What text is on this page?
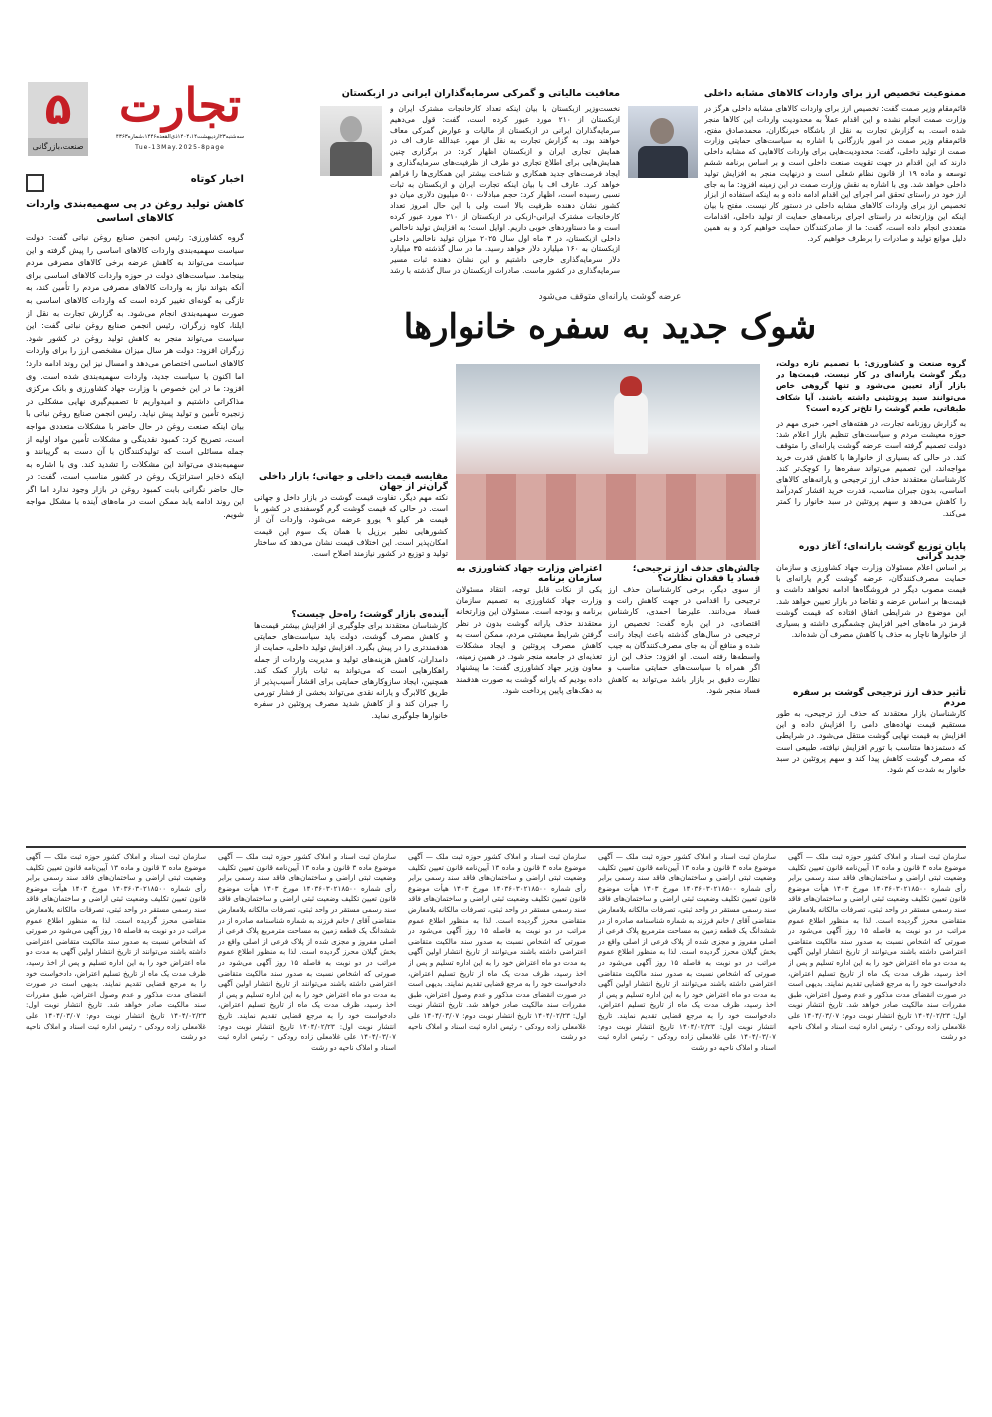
۵
صنعت،بازرگانی
تجارت
سه‌شنبه۲۳اردیبهشت۱۴۰۴،۱۴ذی‌القعده۱۴۴۶،شماره۴۳۶۳
Tue-13May.2025-8page
معافیت مالیاتی و گمرکی سرمایه‌گذاران ایرانی در ازبکستان
نخست‌وزیر ازبکستان با بیان اینکه تعداد کارخانجات مشترک ایران و ازبکستان از ۲۱۰ مورد عبور کرده است، گفت: قول می‌دهیم سرمایه‌گذاران ایرانی در ازبکستان از مالیات و عوارض گمرکی معاف خواهند بود. به گزارش تجارت به نقل از مهر، عبدالله عارف اف در همایش تجاری ایران و ازبکستان اظهار کرد: در برگزاری چنین همایش‌هایی برای اطلاع تجاری دو طرف از ظرفیت‌های سرمایه‌گذاری و ایجاد فرصت‌های جدید همکاری و شناخت بیشتر این همکاری‌ها را فراهم خواهد کرد. عارف اف با بیان اینکه تجارت ایران و ازبکستان به ثبات نسبی رسیده است، اظهار کرد: حجم مبادلات ۵۰۰ میلیون دلاری میان دو کشور نشان دهنده ظرفیت بالا است ولی با این حال امروز تعداد کارخانجات مشترک ایرانی-ازبکی در ازبکستان از ۲۱۰ مورد عبور کرده است و ما دستاوردهای خوبی داریم. اوایل است؛ به افزایش تولید ناخالص داخلی ازبکستان، در ۳ ماه اول سال ۲۰۲۵ میزان تولید ناخالص داخلی ازبکستان به ۱۶۰ میلیارد دلار خواهد رسید. ما در سال گذشته ۳۵ میلیارد دلار سرمایه‌گذاری خارجی داشتیم و این نشان دهنده ثبات مسیر سرمایه‌گذاری در کشور ماست. صادرات ازبکستان در سال گذشته با رشد
ممنوعیت تخصیص ارز برای واردات کالاهای مشابه داخلی
قائم‌مقام وزیر صمت گفت: تخصیص ارز برای واردات کالاهای مشابه داخلی هرگز در وزارت صمت انجام نشده و این اقدام عملاً به محدودیت واردات این کالاها منجر شده است. به گزارش تجارت به نقل از باشگاه خبرنگاران، محمدصادق مفتح، قائم‌مقام وزیر صمت در امور بازرگانی با اشاره به سیاست‌های حمایتی وزارت صمت از تولید داخلی، گفت: محدودیت‌هایی برای واردات کالاهایی که مشابه داخلی دارند که این اقدام در جهت تقویت صنعت داخلی است و بر اساس برنامه ششم توسعه و ماده ۱۹ از قانون نظام شغلی است و درنهایت منجر به افزایش تولید داخلی خواهد شد. وی با اشاره به نقش وزارت صمت در این زمینه افزود: ما به جای ارز خود در راستای تحقق امر اجرای این اقدام ادامه داده و به اینکه استفاده از ابزار تخصیص ارز برای واردات کالاهای مشابه داخلی در دستور کار نیست. مفتح با بیان اینکه این وزارتخانه در راستای اجرای برنامه‌های حمایت از تولید داخلی، اقدامات متعددی انجام داده است، گفت: ما از صادرکنندگان حمایت خواهیم کرد و به همین دلیل موانع تولید و صادرات را برطرف خواهیم کرد.
اخبار کوتاه
کاهش تولید روغن در پی سهمیه‌بندی واردات کالاهای اساسی
گروه کشاورزی: رئیس انجمن صنایع روغن نباتی گفت: دولت سیاست سهمیه‌بندی واردات کالاهای اساسی را پیش گرفته و این سیاست می‌تواند به کاهش عرضه برخی کالاهای مصرفی مردم بینجامد. سیاست‌های دولت در حوزه واردات کالاهای اساسی برای آنکه بتواند نیاز به واردات کالاهای مصرفی مردم را تأمین کند، به تازگی به گونه‌ای تغییر کرده است که واردات کالاهای اساسی به صورت سهمیه‌بندی انجام می‌شود. به گزارش تجارت به نقل از ایلنا، کاوه زرگران، رئیس انجمن صنایع روغن نباتی گفت: این سیاست می‌تواند منجر به کاهش تولید روغن در کشور شود. زرگران افزود: دولت هر سال میزان مشخصی ارز را برای واردات کالاهای اساسی اختصاص می‌دهد و امسال نیز این روند ادامه دارد؛ اما اکنون با سیاست جدید، واردات سهمیه‌بندی شده است. وی افزود: ما در این خصوص با وزارت جهاد کشاورزی و بانک مرکزی مذاکراتی داشتیم و امیدواریم تا تصمیم‌گیری نهایی مشکلی در زنجیره تأمین و تولید پیش نیاید. رئیس انجمن صنایع روغن نباتی با بیان اینکه صنعت روغن در حال حاضر با مشکلات متعددی مواجه است، تصریح کرد: کمبود نقدینگی و مشکلات تأمین مواد اولیه از جمله مسائلی است که تولیدکنندگان با آن دست به گریبانند و سهمیه‌بندی می‌تواند این مشکلات را تشدید کند. وی با اشاره به اینکه ذخایر استراتژیک روغن در کشور مناسب است، گفت: در حال حاضر نگرانی بابت کمبود روغن در بازار وجود ندارد اما اگر این روند ادامه یابد ممکن است در ماه‌های آینده با مشکل مواجه شویم.
عرضه گوشت یارانه‌ای متوقف می‌شود
شوک جدید به سفره خانوارها
گروه صنعت و کشاورزی: با تصمیم تازه دولت، دیگر گوشت یارانه‌ای در کار نیست. قیمت‌ها در بازار آزاد تعیین می‌شود و تنها گروهی خاص می‌توانند سبد پروتئینی داشته باشند. آیا شکاف طبقاتی، طعم گوشت را تلخ‌تر کرده است؟
به گزارش روزنامه تجارت، در هفته‌های اخیر، خبری مهم در حوزه معیشت مردم و سیاست‌های تنظیم بازار اعلام شد: دولت تصمیم گرفته است عرضه گوشت یارانه‌ای را متوقف کند. در حالی که بسیاری از خانوارها با کاهش قدرت خرید مواجه‌اند، این تصمیم می‌تواند سفره‌ها را کوچک‌تر کند. کارشناسان معتقدند حذف ارز ترجیحی و یارانه‌های کالاهای اساسی، بدون جبران مناسب، قدرت خرید اقشار کم‌درآمد را کاهش می‌دهد و سهم پروتئین در سبد خانوار را کمتر می‌کند.
پایان توزیع گوشت یارانه‌ای؛ آغاز دوره جدید گرانی
بر اساس اعلام مسئولان وزارت جهاد کشاورزی و سازمان حمایت مصرف‌کنندگان، عرضه گوشت گرم یارانه‌ای با قیمت مصوب دیگر در فروشگاه‌ها ادامه نخواهد داشت و قیمت‌ها بر اساس عرضه و تقاضا در بازار تعیین خواهد شد. این موضوع در شرایطی اتفاق افتاده که قیمت گوشت قرمز در ماه‌های اخیر افزایش چشمگیری داشته و بسیاری از خانوارها ناچار به حذف یا کاهش مصرف آن شده‌اند.
تأثیر حذف ارز ترجیحی گوشت بر سفره مردم
کارشناسان بازار معتقدند که حذف ارز ترجیحی، به طور مستقیم قیمت نهاده‌های دامی را افزایش داده و این افزایش به قیمت نهایی گوشت منتقل می‌شود. در شرایطی که دستمزدها متناسب با تورم افزایش نیافته، طبیعی است که مصرف گوشت کاهش پیدا کند و سهم پروتئین در سبد خانوار به شدت کم شود.
چالش‌های حذف ارز ترجیحی؛ فساد یا فقدان نظارت؟
از سوی دیگر، برخی کارشناسان حذف ارز ترجیحی را اقدامی در جهت کاهش رانت و فساد می‌دانند. علیرضا احمدی، کارشناس اقتصادی، در این باره گفت: تخصیص ارز ترجیحی در سال‌های گذشته باعث ایجاد رانت شده و منافع آن به جای مصرف‌کنندگان به جیب واسطه‌ها رفته است. او افزود: حذف این ارز اگر همراه با سیاست‌های حمایتی مناسب و نظارت دقیق بر بازار باشد می‌تواند به کاهش فساد منجر شود.
اعتراض وزارت جهاد کشاورزی به سازمان برنامه
یکی از نکات قابل توجه، انتقاد مسئولان وزارت جهاد کشاورزی به تصمیم سازمان برنامه و بودجه است. مسئولان این وزارتخانه معتقدند حذف یارانه گوشت بدون در نظر گرفتن شرایط معیشتی مردم، ممکن است به کاهش مصرف پروتئین و ایجاد مشکلات تغذیه‌ای در جامعه منجر شود. در همین زمینه، معاون وزیر جهاد کشاورزی گفت: ما پیشنهاد داده بودیم که یارانه گوشت به صورت هدفمند به دهک‌های پایین پرداخت شود.
مقایسه قیمت داخلی و جهانی؛ بازار داخلی گران‌تر از جهان
نکته مهم دیگر، تفاوت قیمت گوشت در بازار داخل و جهانی است. در حالی که قیمت گوشت گرم گوسفندی در کشور با قیمت هر کیلو ۹ یورو عرضه می‌شود، واردات آن از کشورهایی نظیر برزیل با همان یک سوم این قیمت امکان‌پذیر است. این اختلاف قیمت نشان می‌دهد که ساختار تولید و توزیع در کشور نیازمند اصلاح است.
آینده‌ی بازار گوشت؛ راه‌حل چیست؟
کارشناسان معتقدند برای جلوگیری از افزایش بیشتر قیمت‌ها و کاهش مصرف گوشت، دولت باید سیاست‌های حمایتی هدفمندتری را در پیش بگیرد. افزایش تولید داخلی، حمایت از دامداران، کاهش هزینه‌های تولید و مدیریت واردات از جمله راهکارهایی است که می‌تواند به ثبات بازار کمک کند. همچنین، ایجاد سازوکارهای حمایتی برای اقشار آسیب‌پذیر از طریق کالابرگ و یارانه نقدی می‌تواند بخشی از فشار تورمی را جبران کند و از کاهش شدید مصرف پروتئین در سفره خانوارها جلوگیری نماید.
سازمان ثبت اسناد و املاک کشور حوزه ثبت ملک — آگهی موضوع ماده ۳ قانون و ماده ۱۳ آیین‌نامه قانون تعیین تکلیف وضعیت ثبتی اراضی و ساختمان‌های فاقد سند رسمی برابر رأی شماره ۱۴۰۳۶۰۳۰۲۱۸۵۰۰ مورخ ۱۴۰۳ هیأت موضوع قانون تعیین تکلیف وضعیت ثبتی اراضی و ساختمان‌های فاقد سند رسمی مستقر در واحد ثبتی، تصرفات مالکانه بلامعارض متقاضی محرز گردیده است. لذا به منظور اطلاع عموم مراتب در دو نوبت به فاصله ۱۵ روز آگهی می‌شود در صورتی که اشخاص نسبت به صدور سند مالکیت متقاضی اعتراضی داشته باشند می‌توانند از تاریخ انتشار اولین آگهی به مدت دو ماه اعتراض خود را به این اداره تسلیم و پس از اخذ رسید، ظرف مدت یک ماه از تاریخ تسلیم اعتراض، دادخواست خود را به مرجع قضایی تقدیم نمایند. بدیهی است در صورت انقضای مدت مذکور و عدم وصول اعتراض، طبق مقررات سند مالکیت صادر خواهد شد. تاریخ انتشار نوبت اول: ۱۴۰۴/۰۲/۲۳ تاریخ انتشار نوبت دوم: ۱۴۰۴/۰۳/۰۷ علی غلامعلی زاده رودکی - رئیس اداره ثبت اسناد و املاک ناحیه دو رشت
سازمان ثبت اسناد و املاک کشور حوزه ثبت ملک — آگهی موضوع ماده ۳ قانون و ماده ۱۳ آیین‌نامه قانون تعیین تکلیف وضعیت ثبتی اراضی و ساختمان‌های فاقد سند رسمی برابر رأی شماره ۱۴۰۳۶۰۳۰۲۱۸۵۰۰ مورخ ۱۴۰۳ هیأت موضوع قانون تعیین تکلیف وضعیت ثبتی اراضی و ساختمان‌های فاقد سند رسمی مستقر در واحد ثبتی، تصرفات مالکانه بلامعارض متقاضی آقای / خانم فرزند به شماره شناسنامه صادره از در ششدانگ یک قطعه زمین به مساحت مترمربع پلاک فرعی از اصلی مفروز و مجزی شده از پلاک فرعی از اصلی واقع در بخش گیلان محرز گردیده است. لذا به منظور اطلاع عموم مراتب در دو نوبت به فاصله ۱۵ روز آگهی می‌شود در صورتی که اشخاص نسبت به صدور سند مالکیت متقاضی اعتراضی داشته باشند می‌توانند از تاریخ انتشار اولین آگهی به مدت دو ماه اعتراض خود را به این اداره تسلیم و پس از اخذ رسید، ظرف مدت یک ماه از تاریخ تسلیم اعتراض، دادخواست خود را به مرجع قضایی تقدیم نمایند. تاریخ انتشار نوبت اول: ۱۴۰۴/۰۲/۲۳ تاریخ انتشار نوبت دوم: ۱۴۰۴/۰۳/۰۷ علی غلامعلی زاده رودکی - رئیس اداره ثبت اسناد و املاک ناحیه دو رشت
سازمان ثبت اسناد و املاک کشور حوزه ثبت ملک — آگهی موضوع ماده ۳ قانون و ماده ۱۳ آیین‌نامه قانون تعیین تکلیف وضعیت ثبتی اراضی و ساختمان‌های فاقد سند رسمی برابر رأی شماره ۱۴۰۳۶۰۳۰۲۱۸۵۰۰ مورخ ۱۴۰۳ هیأت موضوع قانون تعیین تکلیف وضعیت ثبتی اراضی و ساختمان‌های فاقد سند رسمی مستقر در واحد ثبتی، تصرفات مالکانه بلامعارض متقاضی محرز گردیده است. لذا به منظور اطلاع عموم مراتب در دو نوبت به فاصله ۱۵ روز آگهی می‌شود در صورتی که اشخاص نسبت به صدور سند مالکیت متقاضی اعتراضی داشته باشند می‌توانند از تاریخ انتشار اولین آگهی به مدت دو ماه اعتراض خود را به این اداره تسلیم و پس از اخذ رسید، ظرف مدت یک ماه از تاریخ تسلیم اعتراض، دادخواست خود را به مرجع قضایی تقدیم نمایند. بدیهی است در صورت انقضای مدت مذکور و عدم وصول اعتراض، طبق مقررات سند مالکیت صادر خواهد شد. تاریخ انتشار نوبت اول: ۱۴۰۴/۰۲/۲۳ تاریخ انتشار نوبت دوم: ۱۴۰۴/۰۳/۰۷ علی غلامعلی زاده رودکی - رئیس اداره ثبت اسناد و املاک ناحیه دو رشت
سازمان ثبت اسناد و املاک کشور حوزه ثبت ملک — آگهی موضوع ماده ۳ قانون و ماده ۱۳ آیین‌نامه قانون تعیین تکلیف وضعیت ثبتی اراضی و ساختمان‌های فاقد سند رسمی برابر رأی شماره ۱۴۰۳۶۰۳۰۲۱۸۵۰۰ مورخ ۱۴۰۳ هیأت موضوع قانون تعیین تکلیف وضعیت ثبتی اراضی و ساختمان‌های فاقد سند رسمی مستقر در واحد ثبتی، تصرفات مالکانه بلامعارض متقاضی آقای / خانم فرزند به شماره شناسنامه صادره از در ششدانگ یک قطعه زمین به مساحت مترمربع پلاک فرعی از اصلی مفروز و مجزی شده از پلاک فرعی از اصلی واقع در بخش گیلان محرز گردیده است. لذا به منظور اطلاع عموم مراتب در دو نوبت به فاصله ۱۵ روز آگهی می‌شود در صورتی که اشخاص نسبت به صدور سند مالکیت متقاضی اعتراضی داشته باشند می‌توانند از تاریخ انتشار اولین آگهی به مدت دو ماه اعتراض خود را به این اداره تسلیم و پس از اخذ رسید، ظرف مدت یک ماه از تاریخ تسلیم اعتراض، دادخواست خود را به مرجع قضایی تقدیم نمایند. تاریخ انتشار نوبت اول: ۱۴۰۴/۰۲/۲۳ تاریخ انتشار نوبت دوم: ۱۴۰۴/۰۳/۰۷ علی غلامعلی زاده رودکی - رئیس اداره ثبت اسناد و املاک ناحیه دو رشت
سازمان ثبت اسناد و املاک کشور حوزه ثبت ملک — آگهی موضوع ماده ۳ قانون و ماده ۱۳ آیین‌نامه قانون تعیین تکلیف وضعیت ثبتی اراضی و ساختمان‌های فاقد سند رسمی برابر رأی شماره ۱۴۰۳۶۰۳۰۲۱۸۵۰۰ مورخ ۱۴۰۳ هیأت موضوع قانون تعیین تکلیف وضعیت ثبتی اراضی و ساختمان‌های فاقد سند رسمی مستقر در واحد ثبتی، تصرفات مالکانه بلامعارض متقاضی محرز گردیده است. لذا به منظور اطلاع عموم مراتب در دو نوبت به فاصله ۱۵ روز آگهی می‌شود در صورتی که اشخاص نسبت به صدور سند مالکیت متقاضی اعتراضی داشته باشند می‌توانند از تاریخ انتشار اولین آگهی به مدت دو ماه اعتراض خود را به این اداره تسلیم و پس از اخذ رسید، ظرف مدت یک ماه از تاریخ تسلیم اعتراض، دادخواست خود را به مرجع قضایی تقدیم نمایند. بدیهی است در صورت انقضای مدت مذکور و عدم وصول اعتراض، طبق مقررات سند مالکیت صادر خواهد شد. تاریخ انتشار نوبت اول: ۱۴۰۴/۰۲/۲۳ تاریخ انتشار نوبت دوم: ۱۴۰۴/۰۳/۰۷ علی غلامعلی زاده رودکی - رئیس اداره ثبت اسناد و املاک ناحیه دو رشت
